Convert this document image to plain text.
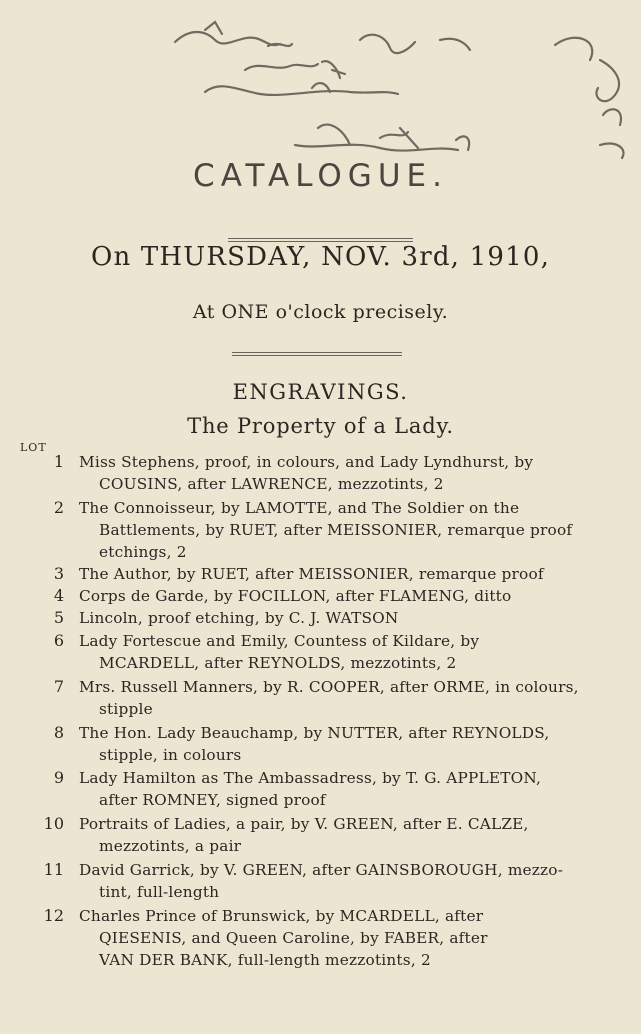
CATALOGUE.
On THURSDAY, NOV. 3rd, 1910,
At ONE o'clock precisely.
ENGRAVINGS.
The Property of a Lady.
LOT
1 Miss Stephens, proof, in colours, and Lady Lyndhurst, by
COUSINS, after LAWRENCE, mezzotints, 2
2 The Connoisseur, by LAMOTTE, and The Soldier on the
Battlements, by RUET, after MEISSONIER, remarque proof
etchings, 2
3 The Author, by RUET, after MEISSONIER, remarque proof
4 Corps de Garde, by FOCILLON, after FLAMENG, ditto
5 Lincoln, proof etching, by C. J. WATSON
6 Lady Fortescue and Emily, Countess of Kildare, by
MCARDELL, after REYNOLDS, mezzotints, 2
7 Mrs. Russell Manners, by R. COOPER, after ORME, in colours,
stipple
8 The Hon. Lady Beauchamp, by NUTTER, after REYNOLDS,
stipple, in colours
9 Lady Hamilton as The Ambassadress, by T. G. APPLETON,
after ROMNEY, signed proof
10 Portraits of Ladies, a pair, by V. GREEN, after E. CALZE,
mezzotints, a pair
11 David Garrick, by V. GREEN, after GAINSBOROUGH, mezzo-
tint, full-length
12 Charles Prince of Brunswick, by MCARDELL, after
QIESENIS, and Queen Caroline, by FABER, after
VAN DER BANK, full-length mezzotints, 2
